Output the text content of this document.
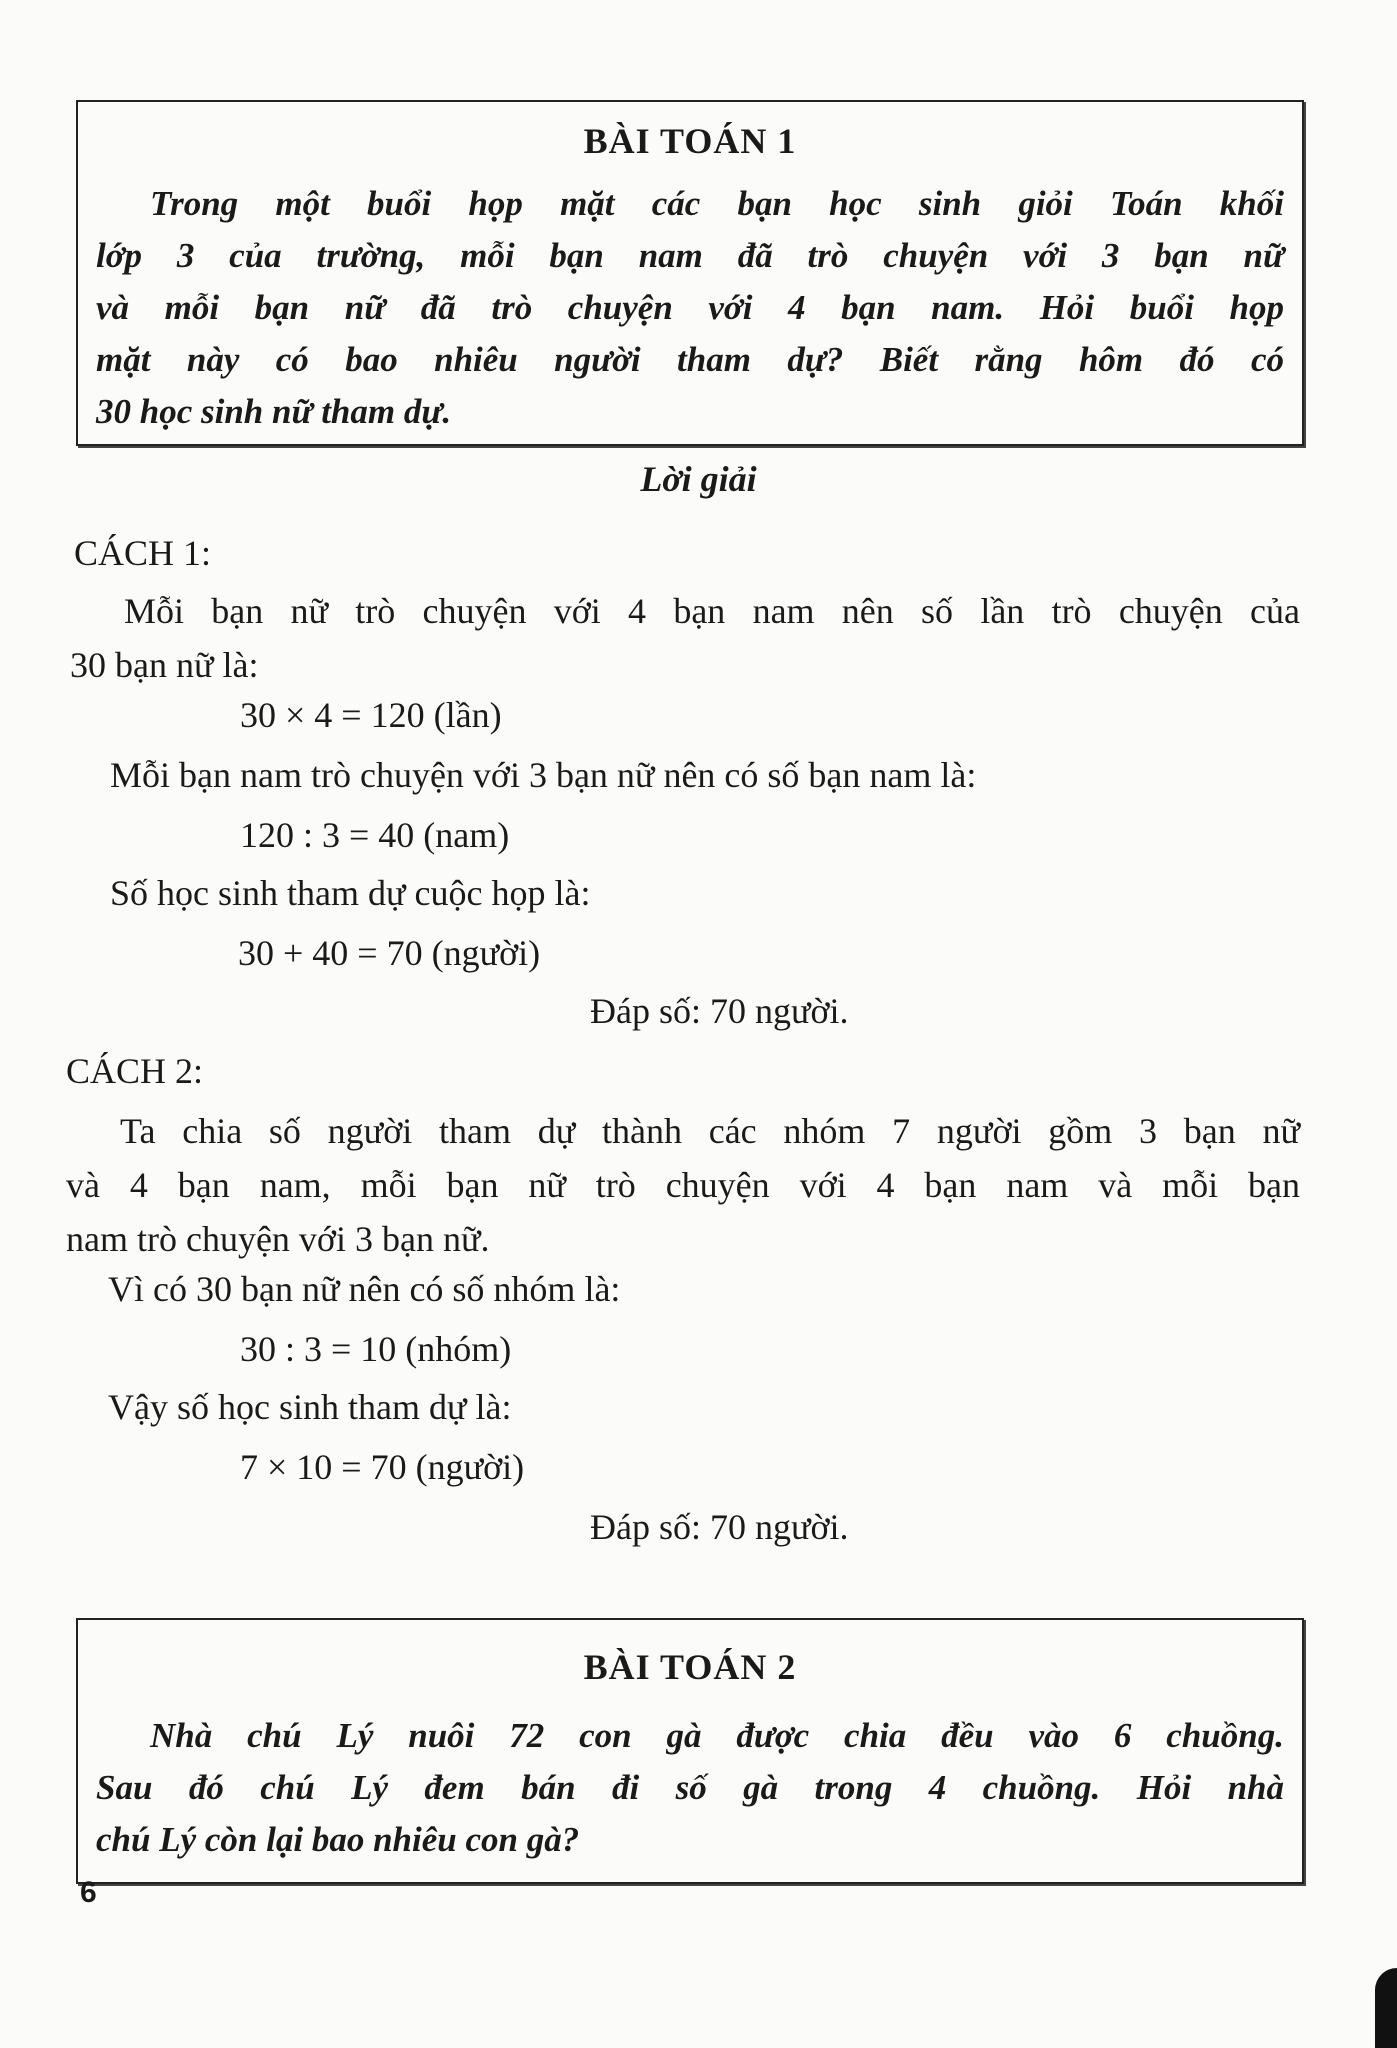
BÀI TOÁN 1
Trong một buổi họp mặt các bạn học sinh giỏi Toán khối
lớp 3 của trường, mỗi bạn nam đã trò chuyện với 3 bạn nữ
và mỗi bạn nữ đã trò chuyện với 4 bạn nam. Hỏi buổi họp
mặt này có bao nhiêu người tham dự? Biết rằng hôm đó có
30 học sinh nữ tham dự.
Lời giải
CÁCH 1:
Mỗi bạn nữ trò chuyện với 4 bạn nam nên số lần trò chuyện của
30 bạn nữ là:
30 × 4 = 120 (lần)
Mỗi bạn nam trò chuyện với 3 bạn nữ nên có số bạn nam là:
120 : 3 = 40 (nam)
Số học sinh tham dự cuộc họp là:
30 + 40 = 70 (người)
Đáp số: 70 người.
CÁCH 2:
Ta chia số người tham dự thành các nhóm 7 người gồm 3 bạn nữ
và 4 bạn nam, mỗi bạn nữ trò chuyện với 4 bạn nam và mỗi bạn
nam trò chuyện với 3 bạn nữ.
Vì có 30 bạn nữ nên có số nhóm là:
30 : 3 = 10 (nhóm)
Vậy số học sinh tham dự là:
7 × 10 = 70 (người)
Đáp số: 70 người.
BÀI TOÁN 2
Nhà chú Lý nuôi 72 con gà được chia đều vào 6 chuồng.
Sau đó chú Lý đem bán đi số gà trong 4 chuồng. Hỏi nhà
chú Lý còn lại bao nhiêu con gà?
6
